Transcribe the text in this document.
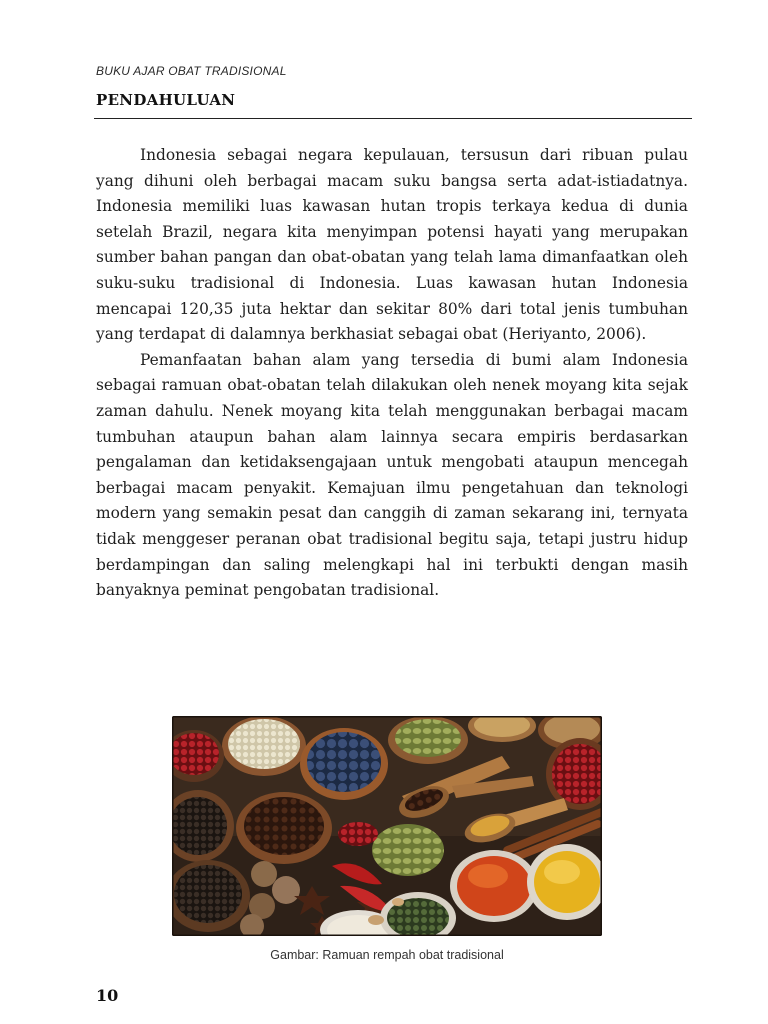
BUKU AJAR OBAT TRADISIONAL
PENDAHULUAN

Indonesia sebagai negara kepulauan, tersusun dari ribuan pulau yang dihuni oleh berbagai macam suku bangsa serta adat-istiadatnya. Indonesia memiliki luas kawasan hutan tropis terkaya kedua di dunia setelah Brazil, negara kita menyimpan potensi hayati yang merupakan sumber bahan pangan dan obat-obatan yang telah lama dimanfaatkan oleh suku-suku tradisional di Indonesia. Luas kawasan hutan Indonesia mencapai 120,35 juta hektar dan sekitar 80% dari total jenis tumbuhan yang terdapat di dalamnya berkhasiat sebagai obat (Heriyanto, 2006).

Pemanfaatan bahan alam yang tersedia di bumi alam Indonesia sebagai ramuan obat-obatan telah dilakukan oleh nenek moyang kita sejak zaman dahulu. Nenek moyang kita telah menggunakan berbagai macam tumbuhan ataupun bahan alam lainnya secara empiris berdasarkan pengalaman dan ketidaksengajaan untuk mengobati ataupun mencegah berbagai macam penyakit. Kemajuan ilmu pengetahuan dan teknologi modern yang semakin pesat dan canggih di zaman sekarang ini, ternyata tidak menggeser peranan obat tradisional begitu saja, tetapi justru hidup berdampingan dan saling melengkapi hal ini terbukti dengan masih banyaknya peminat pengobatan tradisional.

Gambar: Ramuan rempah obat tradisional
10
